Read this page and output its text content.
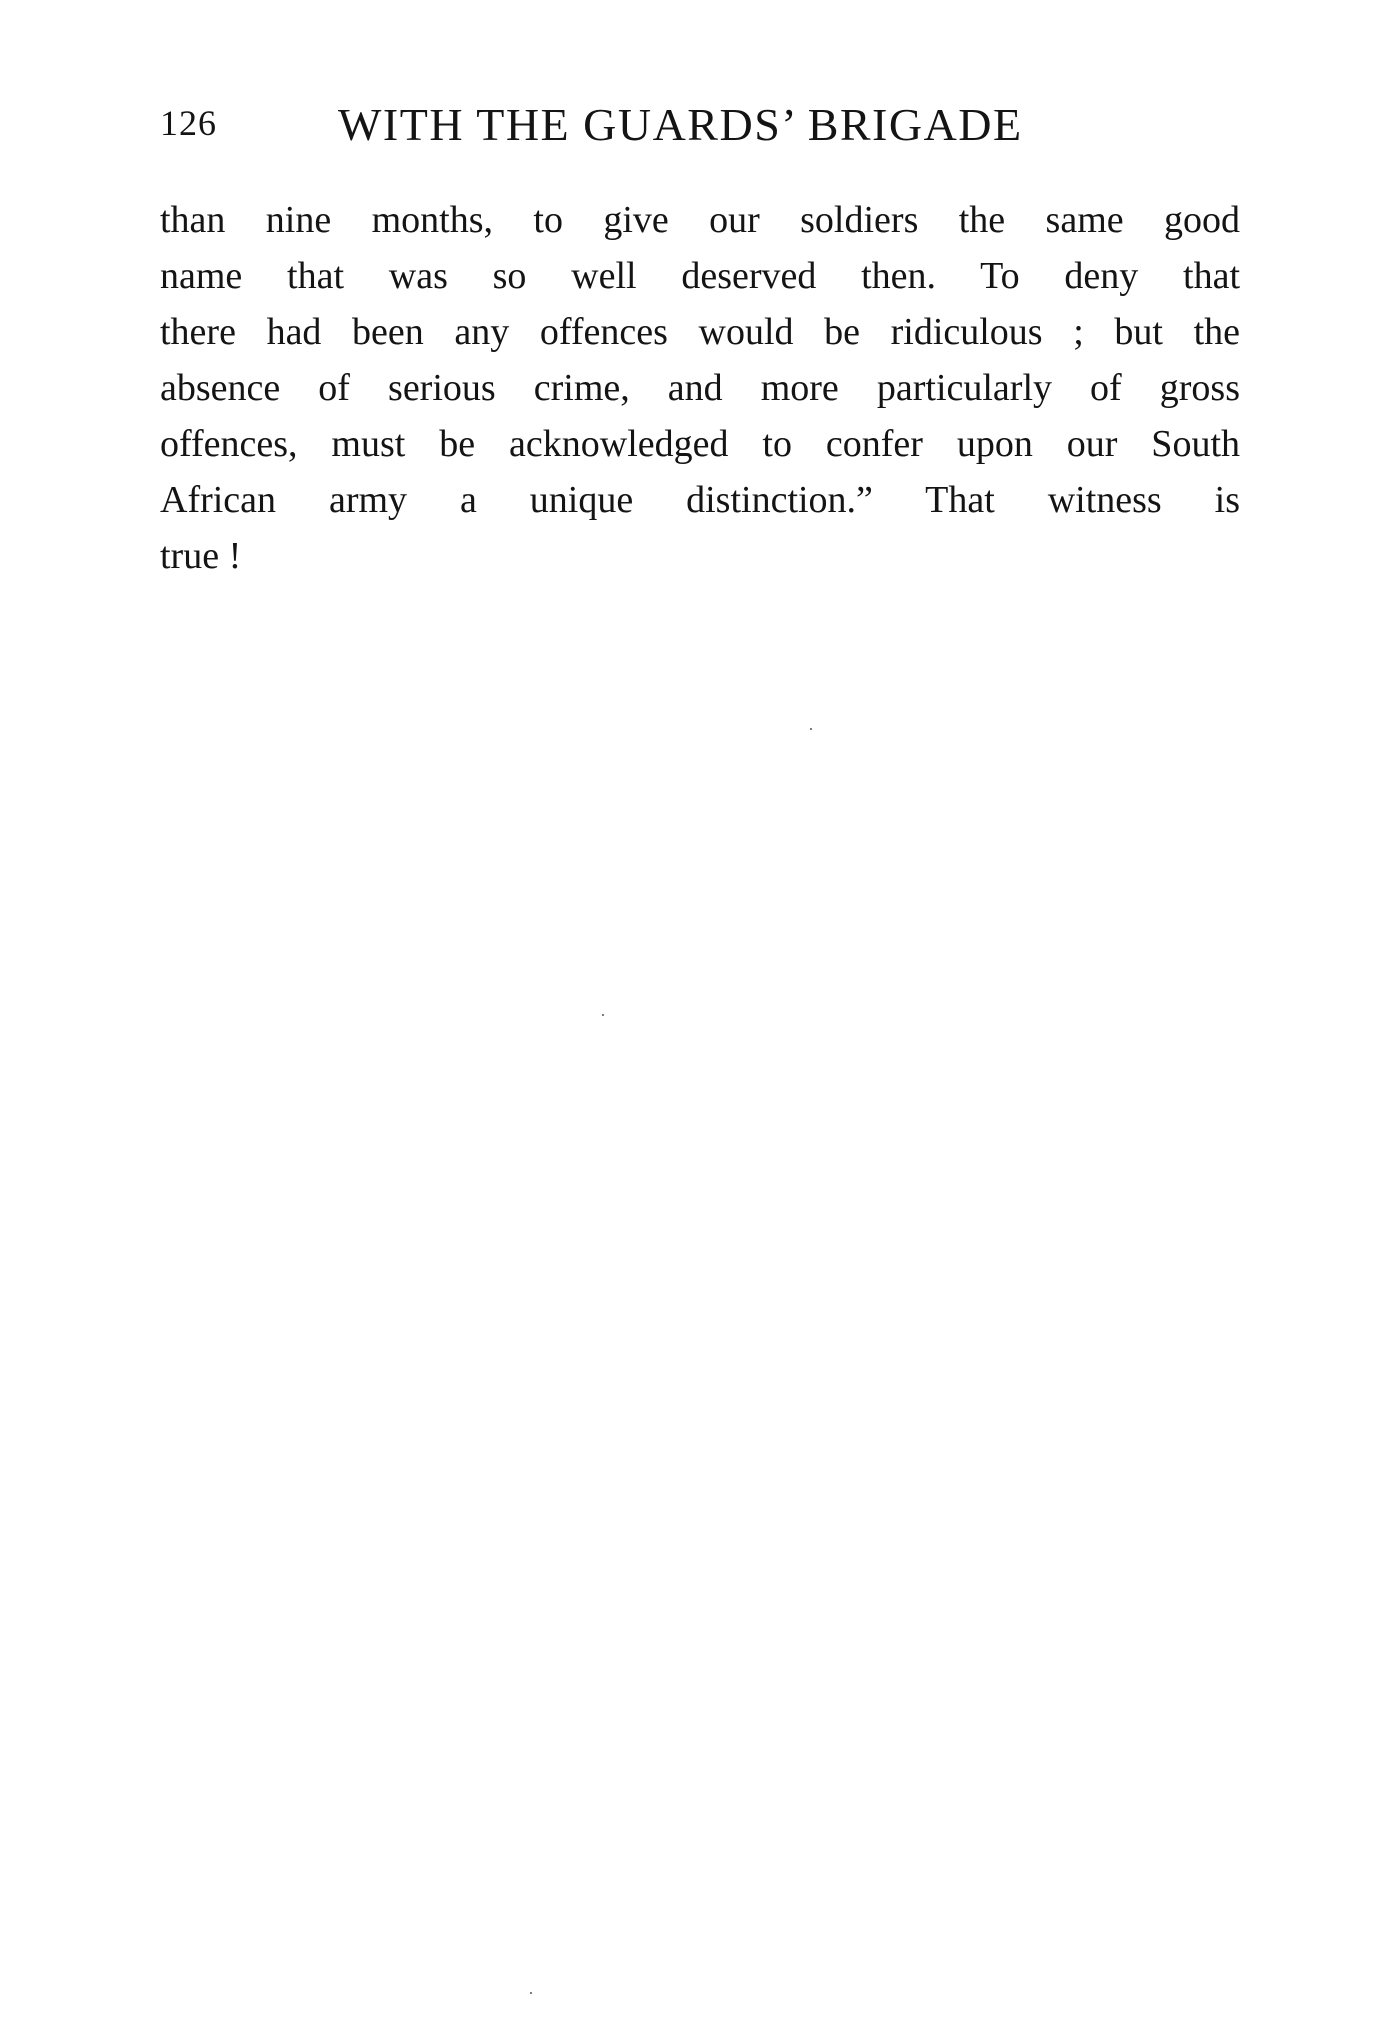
126	WITH THE GUARDS’ BRIGADE
than nine months, to give our soldiers the same good
name that was so well deserved then. To deny that
there had been any offences would be ridiculous ; but the
absence of serious crime, and more particularly of gross
offences, must be acknowledged to confer upon our South
African army a unique distinction.” That witness is
true !
